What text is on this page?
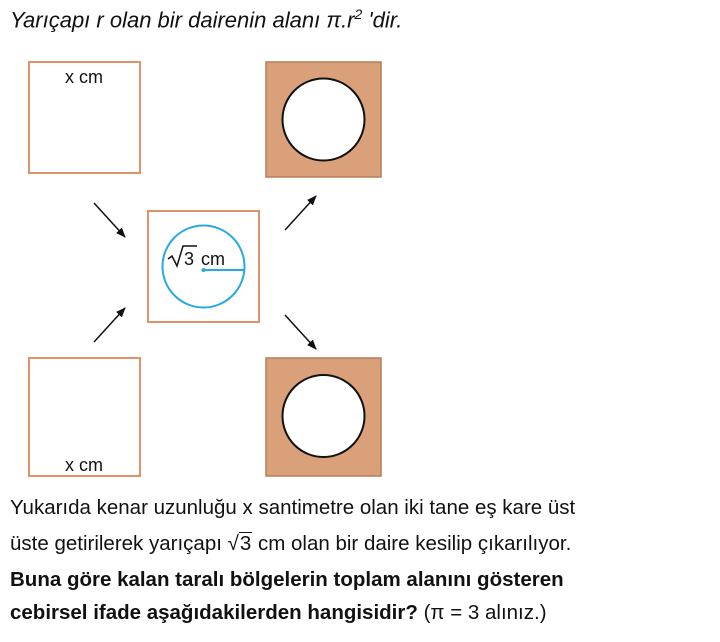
Yarıçapı r olan bir dairenin alanı $\pi.r^2$ 'dir.
x cm
3 cm
x cm
Yukarıda kenar uzunluğu x santimetre olan iki tane eş kare üst
üste getirilerek yarıçapı √3 cm olan bir daire kesilip çıkarılıyor.
Buna göre kalan taralı bölgelerin toplam alanını gösteren
cebirsel ifade aşağıdakilerden hangisidir? (π = 3 alınız.)
